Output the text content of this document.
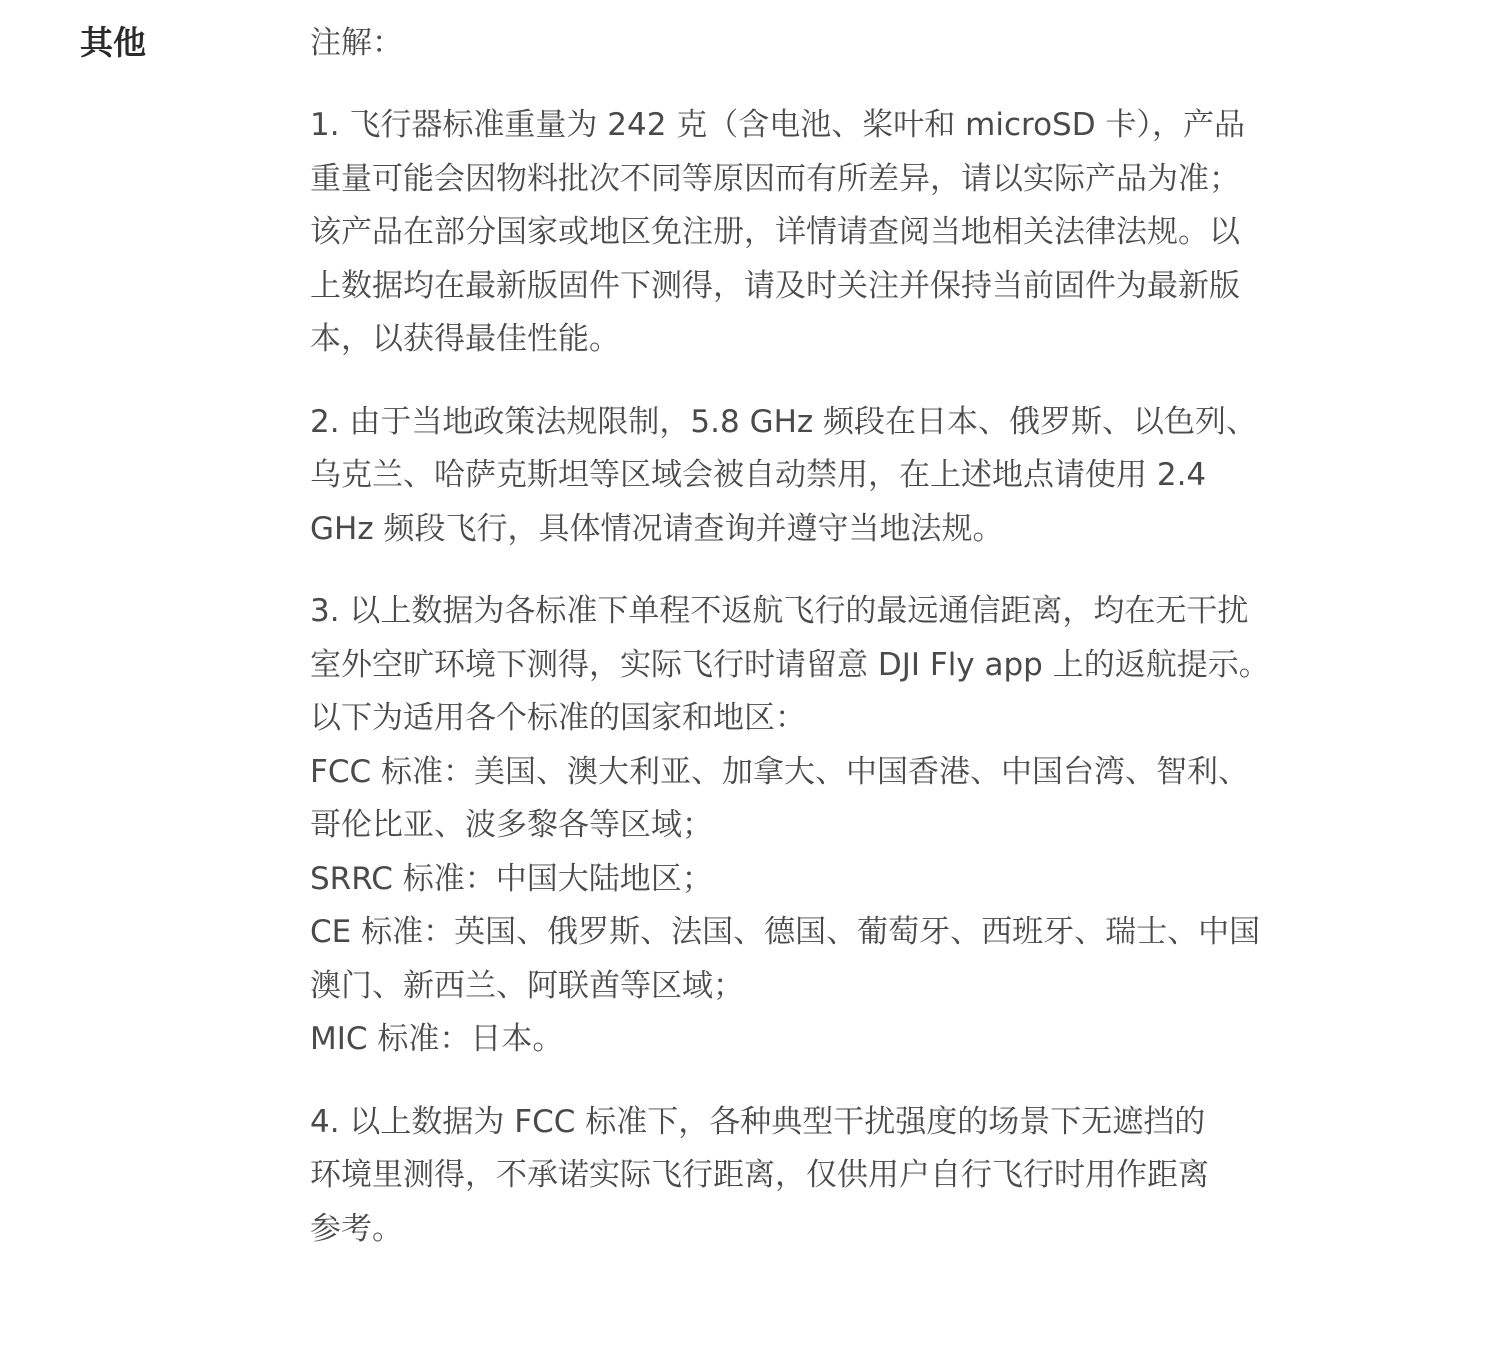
其他	注解：

1. 飞行器标准重量为 242 克（含电池、桨叶和 microSD 卡），产品
重量可能会因物料批次不同等原因而有所差异，请以实际产品为准；
该产品在部分国家或地区免注册，详情请查阅当地相关法律法规。以
上数据均在最新版固件下测得，请及时关注并保持当前固件为最新版
本，以获得最佳性能。

2. 由于当地政策法规限制，5.8 GHz 频段在日本、俄罗斯、以色列、
乌克兰、哈萨克斯坦等区域会被自动禁用，在上述地点请使用 2.4
GHz 频段飞行，具体情况请查询并遵守当地法规。

3. 以上数据为各标准下单程不返航飞行的最远通信距离，均在无干扰
室外空旷环境下测得，实际飞行时请留意 DJI Fly app 上的返航提示。
以下为适用各个标准的国家和地区：
FCC 标准：美国、澳大利亚、加拿大、中国香港、中国台湾、智利、
哥伦比亚、波多黎各等区域；
SRRC 标准：中国大陆地区；
CE 标准：英国、俄罗斯、法国、德国、葡萄牙、西班牙、瑞士、中国
澳门、新西兰、阿联酋等区域；
MIC 标准：日本。

4. 以上数据为 FCC 标准下，各种典型干扰强度的场景下无遮挡的
环境里测得，不承诺实际飞行距离，仅供用户自行飞行时用作距离
参考。
